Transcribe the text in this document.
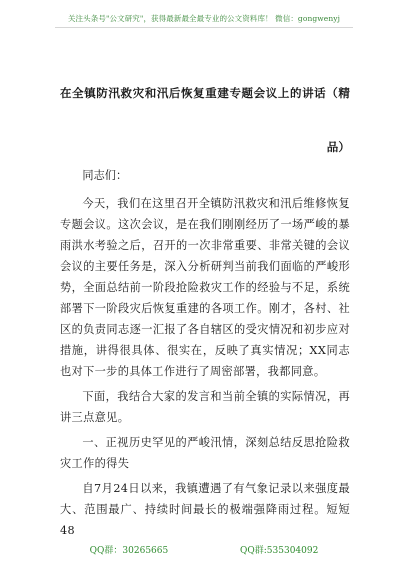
关注头条号"公文研究"，获得最新最全最专业的公文资料库！ 微信：gongwenyj
在全镇防汛救灾和汛后恢复重建专题会议上的讲话（精品）

同志们：

今天，我们在这里召开全镇防汛救灾和汛后维修恢复专题会议。这次会议，是在我们刚刚经历了一场严峻的暴雨洪水考验之后，召开的一次非常重要、非常关键的会议会议的主要任务是，深入分析研判当前我们面临的严峻形势，全面总结前一阶段抢险救灾工作的经验与不足，系统部署下一阶段灾后恢复重建的各项工作。刚才，各村、社区的负责同志逐一汇报了各自辖区的受灾情况和初步应对措施，讲得很具体、很实在，反映了真实情况；XX同志也对下一步的具体工作进行了周密部署，我都同意。

下面，我结合大家的发言和当前全镇的实际情况，再讲三点意见。

一、正视历史罕见的严峻汛情，深刻总结反思抢险救灾工作的得失

自7月24日以来，我镇遭遇了有气象记录以来强度最大、范围最广、持续时间最长的极端强降雨过程。短短48

QQ群：30265665	QQ群:535304092
